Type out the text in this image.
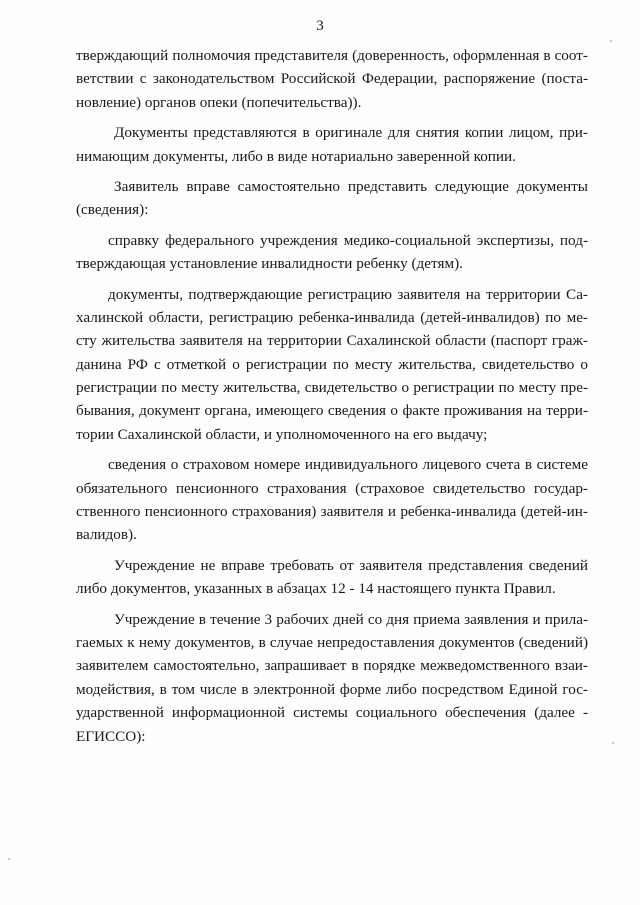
3
тверждающий полномочия представителя (доверенность, оформленная в соот-
ветствии с законодательством Российской Федерации, распоряжение (поста-
новление) органов опеки (попечительства)).
Документы представляются в оригинале для снятия копии лицом, при-
нимающим документы, либо в виде нотариально заверенной копии.
Заявитель вправе самостоятельно представить следующие документы
(сведения):
справку федерального учреждения медико-социальной экспертизы, под-
тверждающая установление инвалидности ребенку (детям).
документы, подтверждающие регистрацию заявителя на территории Са-
халинской области, регистрацию ребенка-инвалида (детей-инвалидов) по ме-
сту жительства заявителя на территории Сахалинской области (паспорт граж-
данина РФ с отметкой о регистрации по месту жительства, свидетельство о
регистрации по месту жительства, свидетельство о регистрации по месту пре-
бывания, документ органа, имеющего сведения о факте проживания на терри-
тории Сахалинской области, и уполномоченного на его выдачу;
сведения о страховом номере индивидуального лицевого счета в системе
обязательного пенсионного страхования (страховое свидетельство государ-
ственного пенсионного страхования) заявителя и ребенка-инвалида (детей-ин-
валидов).
Учреждение не вправе требовать от заявителя представления сведений
либо документов, указанных в абзацах 12 - 14 настоящего пункта Правил.
Учреждение в течение 3 рабочих дней со дня приема заявления и прила-
гаемых к нему документов, в случае непредоставления документов (сведений)
заявителем самостоятельно, запрашивает в порядке межведомственного взаи-
модействия, в том числе в электронной форме либо посредством Единой гос-
ударственной информационной системы социального обеспечения (далее -
ЕГИССО):
